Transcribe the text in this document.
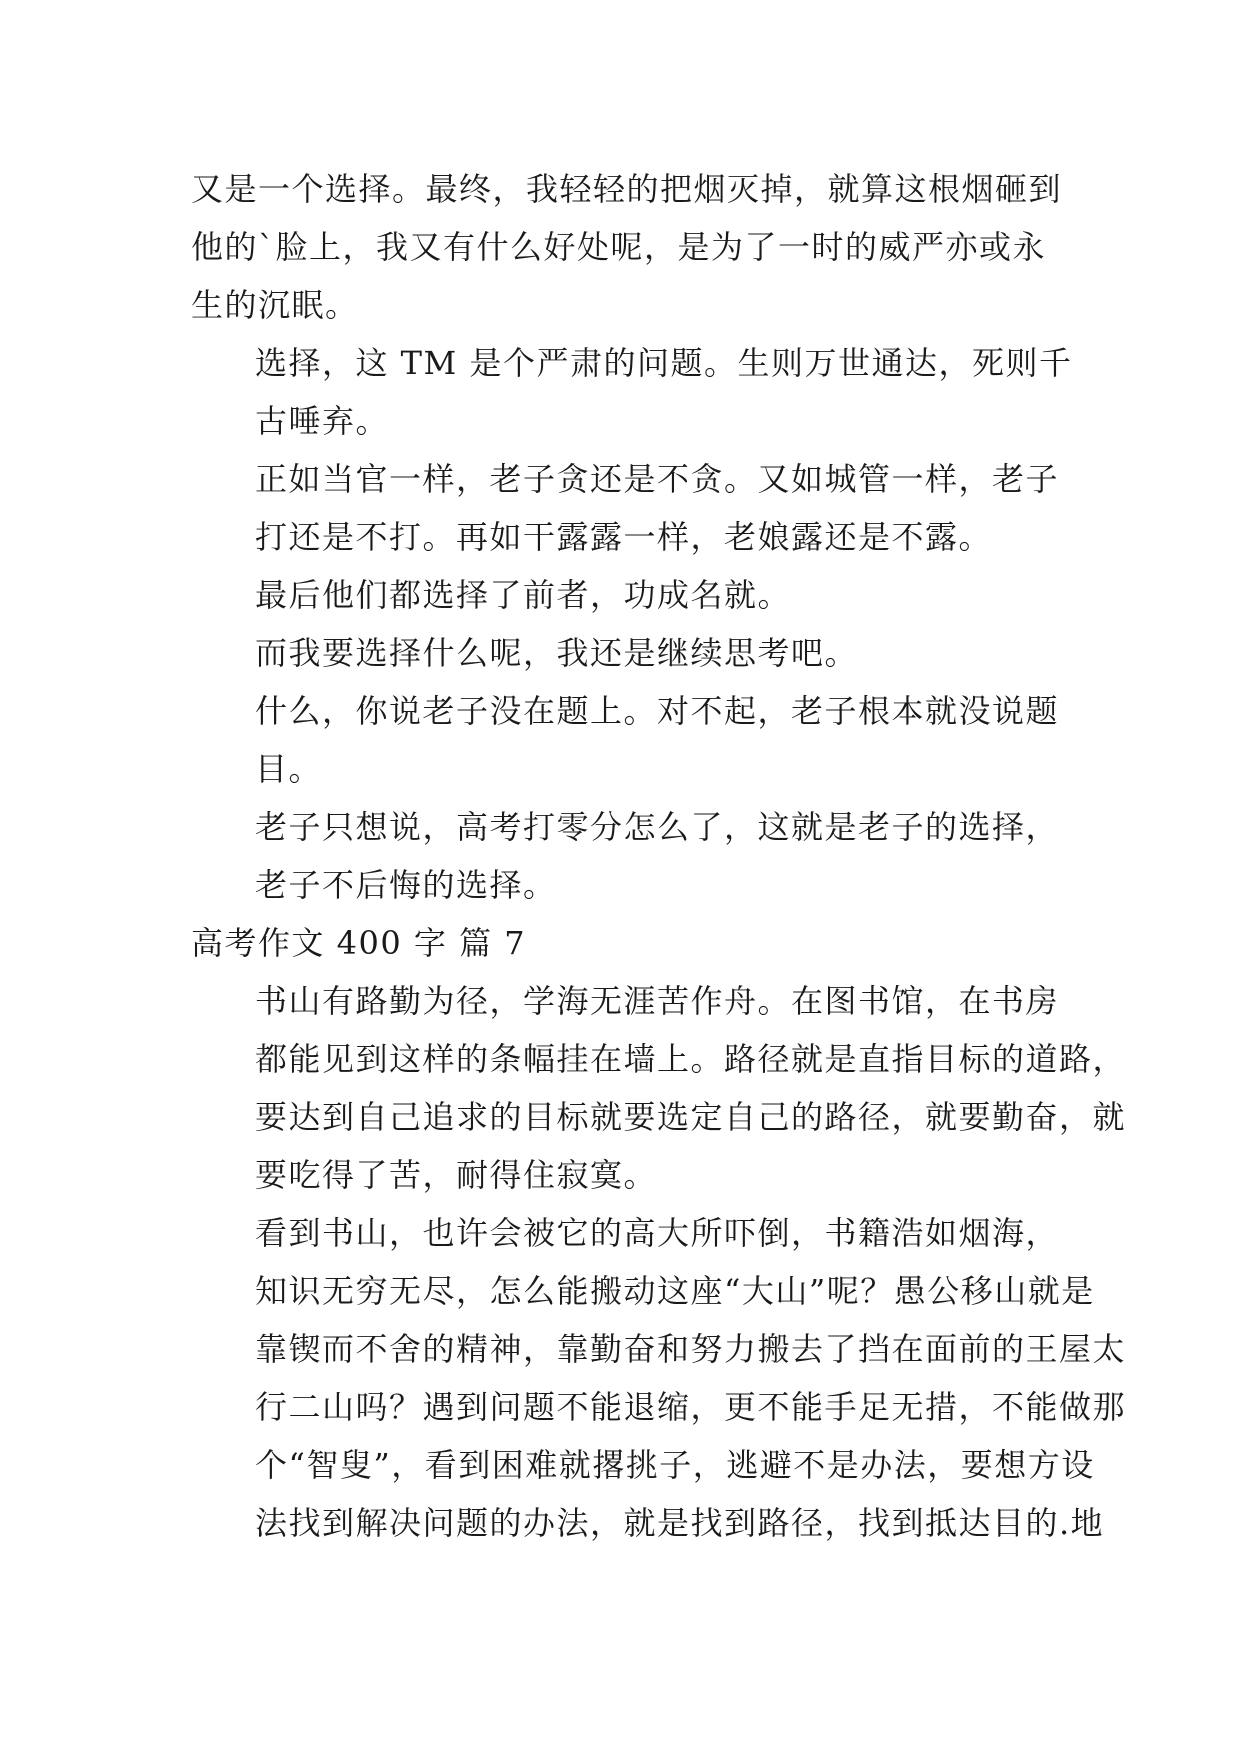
又是一个选择。最终，我轻轻的把烟灭掉，就算这根烟砸到
他的`脸上，我又有什么好处呢，是为了一时的威严亦或永
生的沉眠。
选择，这 TM 是个严肃的问题。生则万世通达，死则千
古唾弃。
正如当官一样，老子贪还是不贪。又如城管一样，老子
打还是不打。再如干露露一样，老娘露还是不露。
最后他们都选择了前者，功成名就。
而我要选择什么呢，我还是继续思考吧。
什么，你说老子没在题上。对不起，老子根本就没说题
目。
老子只想说，高考打零分怎么了，这就是老子的选择，
老子不后悔的选择。
高考作文 400 字 篇 7
书山有路勤为径，学海无涯苦作舟。在图书馆，在书房
都能见到这样的条幅挂在墙上。路径就是直指目标的道路，
要达到自己追求的目标就要选定自己的路径，就要勤奋，就
要吃得了苦，耐得住寂寞。
看到书山，也许会被它的高大所吓倒，书籍浩如烟海，
知识无穷无尽，怎么能搬动这座“大山”呢？愚公移山就是
靠锲而不舍的精神，靠勤奋和努力搬去了挡在面前的王屋太
行二山吗？遇到问题不能退缩，更不能手足无措，不能做那
个“智叟”，看到困难就撂挑子，逃避不是办法，要想方设
法找到解决问题的办法，就是找到路径，找到抵达目的.地
